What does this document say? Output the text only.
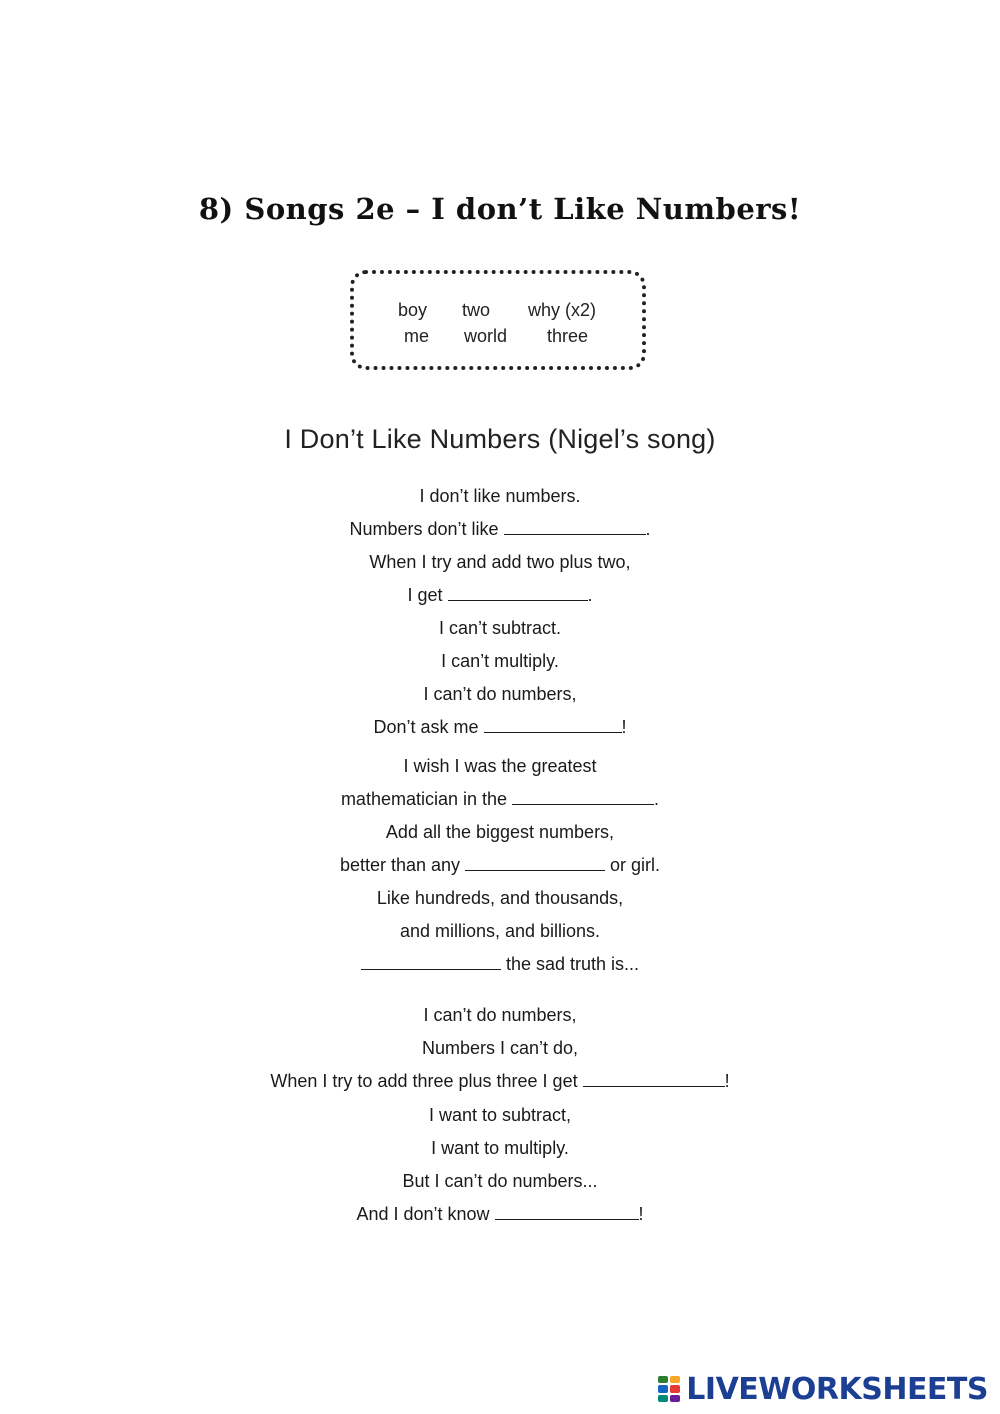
8) Songs 2e – I don’t Like Numbers!
boy two why (x2)
me world three
I Don’t Like Numbers (Nigel’s song)
I don’t like numbers.
Numbers don’t like	.
When I try and add two plus two,
I get	.
I can’t subtract.
I can’t multiply.
I can’t do numbers,
Don’t ask me	!
I wish I was the greatest
mathematician in the	.
Add all the biggest numbers,
better than any	or girl.
Like hundreds, and thousands,
and millions, and billions.
the sad truth is...
I can’t do numbers,
Numbers I can’t do,
When I try to add three plus three I get	!
I want to subtract,
I want to multiply.
But I can’t do numbers...
And I don’t know	!
LIVEWORKSHEETS
